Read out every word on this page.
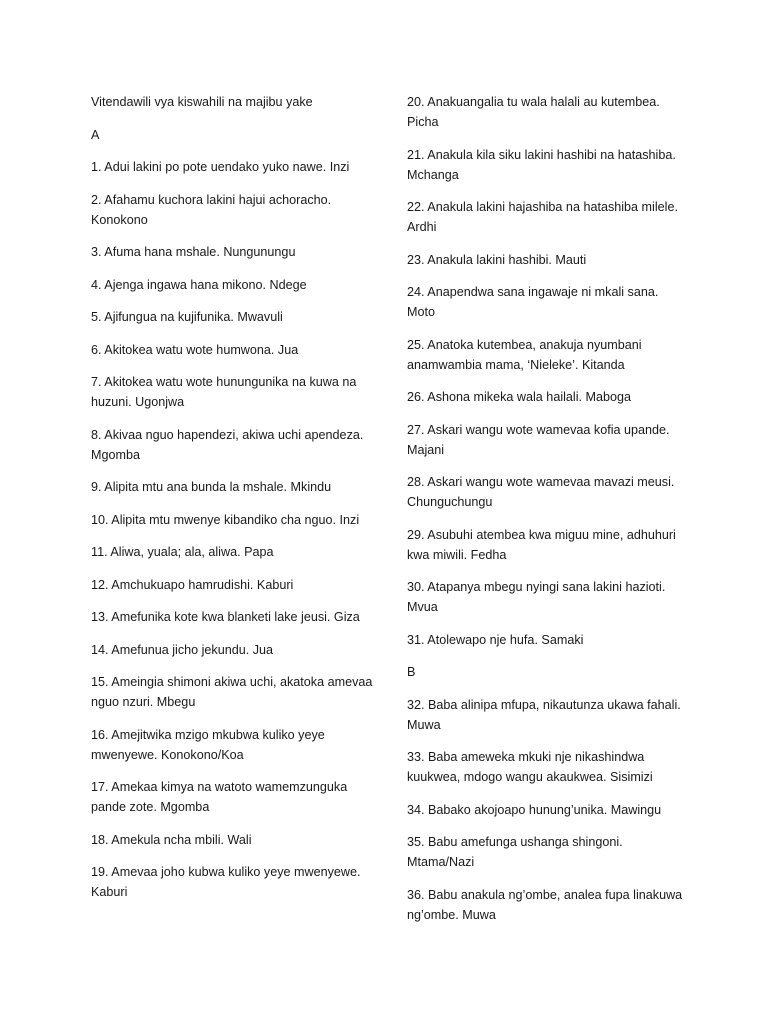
Vitendawili vya kiswahili na majibu yake

A

1. Adui lakini po pote uendako yuko nawe. Inzi

2. Afahamu kuchora lakini hajui achoracho. Konokono

3. Afuma hana mshale. Nungunungu

4. Ajenga ingawa hana mikono. Ndege

5. Ajifungua na kujifunika. Mwavuli

6. Akitokea watu wote humwona. Jua

7. Akitokea watu wote hunungunika na kuwa na huzuni. Ugonjwa

8. Akivaa nguo hapendezi, akiwa uchi apendeza. Mgomba

9. Alipita mtu ana bunda la mshale. Mkindu

10. Alipita mtu mwenye kibandiko cha nguo. Inzi

11. Aliwa, yuala; ala, aliwa. Papa

12. Amchukuapo hamrudishi. Kaburi

13. Amefunika kote kwa blanketi lake jeusi. Giza

14. Amefunua jicho jekundu. Jua

15. Ameingia shimoni akiwa uchi, akatoka amevaa nguo nzuri. Mbegu

16. Amejitwika mzigo mkubwa kuliko yeye mwenyewe. Konokono/Koa

17. Amekaa kimya na watoto wamemzunguka pande zote. Mgomba

18. Amekula ncha mbili. Wali

19. Amevaa joho kubwa kuliko yeye mwenyewe. Kaburi

20. Anakuangalia tu wala halali au kutembea. Picha

21. Anakula kila siku lakini hashibi na hatashiba. Mchanga

22. Anakula lakini hajashiba na hatashiba milele. Ardhi

23. Anakula lakini hashibi. Mauti

24. Anapendwa sana ingawaje ni mkali sana. Moto

25. Anatoka kutembea, anakuja nyumbani anamwambia mama, ‘Nieleke’. Kitanda

26. Ashona mikeka wala hailali. Maboga

27. Askari wangu wote wamevaa kofia upande. Majani

28. Askari wangu wote wamevaa mavazi meusi. Chunguchungu

29. Asubuhi atembea kwa miguu mine, adhuhuri kwa miwili. Fedha

30. Atapanya mbegu nyingi sana lakini hazioti. Mvua

31. Atolewapo nje hufa. Samaki

B

32. Baba alinipa mfupa, nikautunza ukawa fahali. Muwa

33. Baba ameweka mkuki nje nikashindwa kuukwea, mdogo wangu akaukwea. Sisimizi

34. Babako akojoapo hunung’unika. Mawingu

35. Babu amefunga ushanga shingoni. Mtama/Nazi

36. Babu anakula ng’ombe, analea fupa linakuwa ng’ombe. Muwa
